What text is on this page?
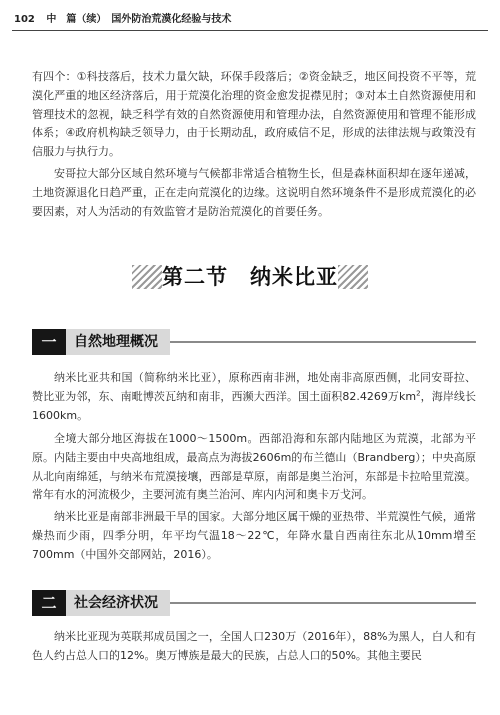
102 中　篇（续）　国外防治荒漠化经验与技术

有四个：①科技落后，技术力量欠缺，环保手段落后；②资金缺乏，地区间投资不平等，荒漠化严重的地区经济落后，用于荒漠化治理的资金愈发捉襟见肘；③对本土自然资源使用和管理技术的忽视，缺乏科学有效的自然资源使用和管理办法，自然资源使用和管理不能形成体系；④政府机构缺乏领导力，由于长期动乱，政府威信不足，形成的法律法规与政策没有信服力与执行力。

安哥拉大部分区域自然环境与气候都非常适合植物生长，但是森林面积却在逐年递减，土地资源退化日趋严重，正在走向荒漠化的边缘。这说明自然环境条件不是形成荒漠化的必要因素，对人为活动的有效监管才是防治荒漠化的首要任务。

第二节　纳米比亚
一	自然地理概况

纳米比亚共和国（简称纳米比亚），原称西南非洲，地处南非高原西侧，北同安哥拉、赞比亚为邻，东、南毗博茨瓦纳和南非，西濒大西洋。国土面积82.4269万$km^2$，海岸线长1600km。

全境大部分地区海拔在1000～1500m。西部沿海和东部内陆地区为荒漠，北部为平原。内陆主要由中央高地组成，最高点为海拔2606m的布兰德山（Brandberg）；中央高原从北向南绵延，与纳米布荒漠接壤，西部是草原，南部是奥兰治河，东部是卡拉哈里荒漠。常年有水的河流极少，主要河流有奥兰治河、库内内河和奥卡万戈河。

纳米比亚是南部非洲最干旱的国家。大部分地区属干燥的亚热带、半荒漠性气候，通常燥热而少雨，四季分明，年平均气温18～22℃，年降水量自西南往东北从10mm增至700mm（中国外交部网站，2016）。

二	社会经济状况

纳米比亚现为英联邦成员国之一，全国人口230万（2016年），88%为黑人，白人和有色人约占总人口的12%。奥万博族是最大的民族，占总人口的50%。其他主要民
